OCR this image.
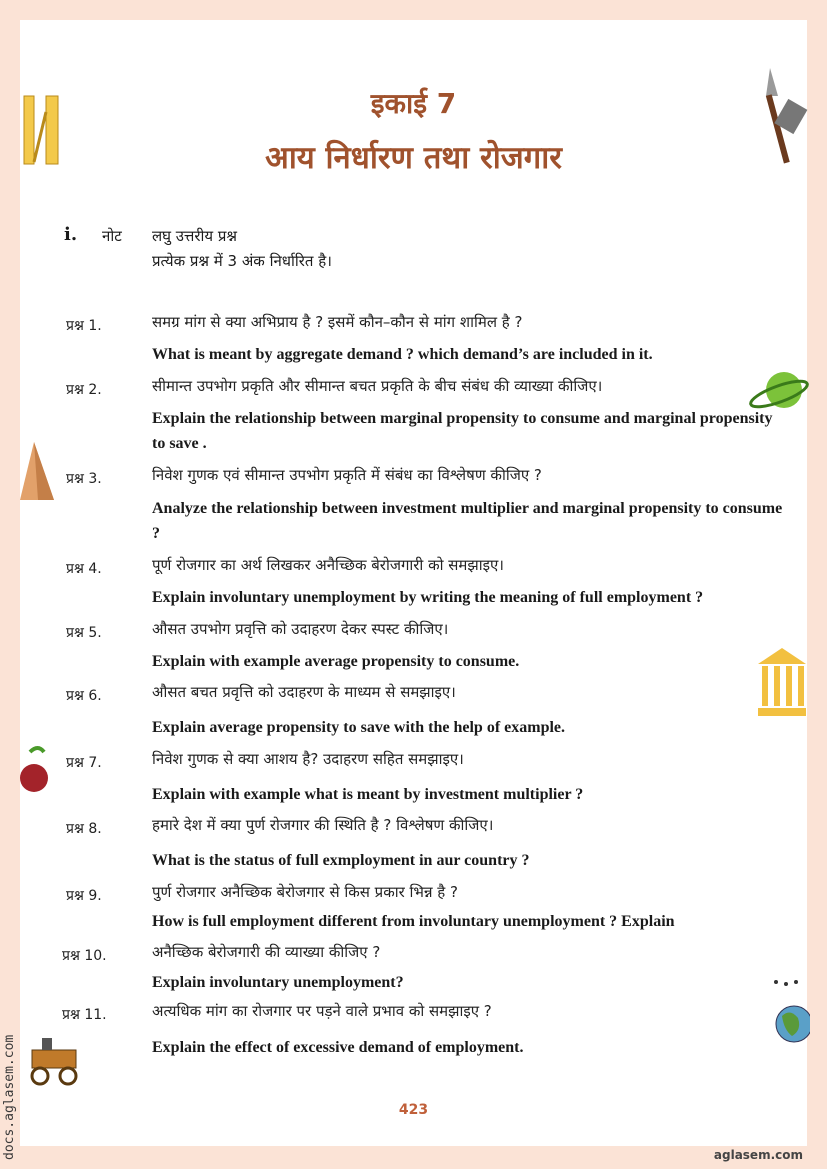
इकाई 7
आय निर्धारण तथा रोजगार
i. नोट लघु उत्तरीय प्रश्न
प्रत्येक प्रश्न में 3 अंक निर्धारित है।
प्रश्न 1.	समग्र मांग से क्या अभिप्राय है ? इसमें कौन–कौन से मांग शामिल है ?
What is meant by aggregate demand ? which demand’s are included in it.
प्रश्न 2.	सीमान्त उपभोग प्रकृति और सीमान्त बचत प्रकृति के बीच संबंध की व्याख्या कीजिए।
Explain the relationship between marginal propensity to consume and marginal propensity to save .
प्रश्न 3.	निवेश गुणक एवं सीमान्त उपभोग प्रकृति में संबंध का विश्लेषण कीजिए ?
Analyze the relationship between investment multiplier and marginal propensity to consume ?
प्रश्न 4.	पूर्ण रोजगार का अर्थ लिखकर अनैच्छिक बेरोजगारी को समझाइए।
Explain involuntary unemployment by writing the meaning of full employment ?
प्रश्न 5.	औसत उपभोग प्रवृत्ति को उदाहरण देकर स्पस्ट कीजिए।
Explain with example average propensity to consume.
प्रश्न 6.	औसत बचत प्रवृत्ति को उदाहरण के माध्यम से समझाइए।
Explain average propensity to save with the help of example.
प्रश्न 7.	निवेश गुणक से क्या आशय है? उदाहरण सहित समझाइए।
Explain with example what is meant by investment multiplier ?
प्रश्न 8.	हमारे देश में क्या पुर्ण रोजगार की स्थिति है ? विश्लेषण कीजिए।
What is the status of full exmployment in aur country ?
प्रश्न 9.	पुर्ण रोजगार अनैच्छिक बेरोजगार से किस प्रकार भिन्न है ?
How is full employment different from involuntary unemployment ? Explain
प्रश्न 10.	अनैच्छिक बेरोजगारी की व्याख्या कीजिए ?
Explain involuntary unemployment?
प्रश्न 11.	अत्यधिक मांग का रोजगार पर पड़ने वाले प्रभाव को समझाइए ?
Explain the effect of excessive demand of employment.
423
aglasem.com
docs.aglasem.com
